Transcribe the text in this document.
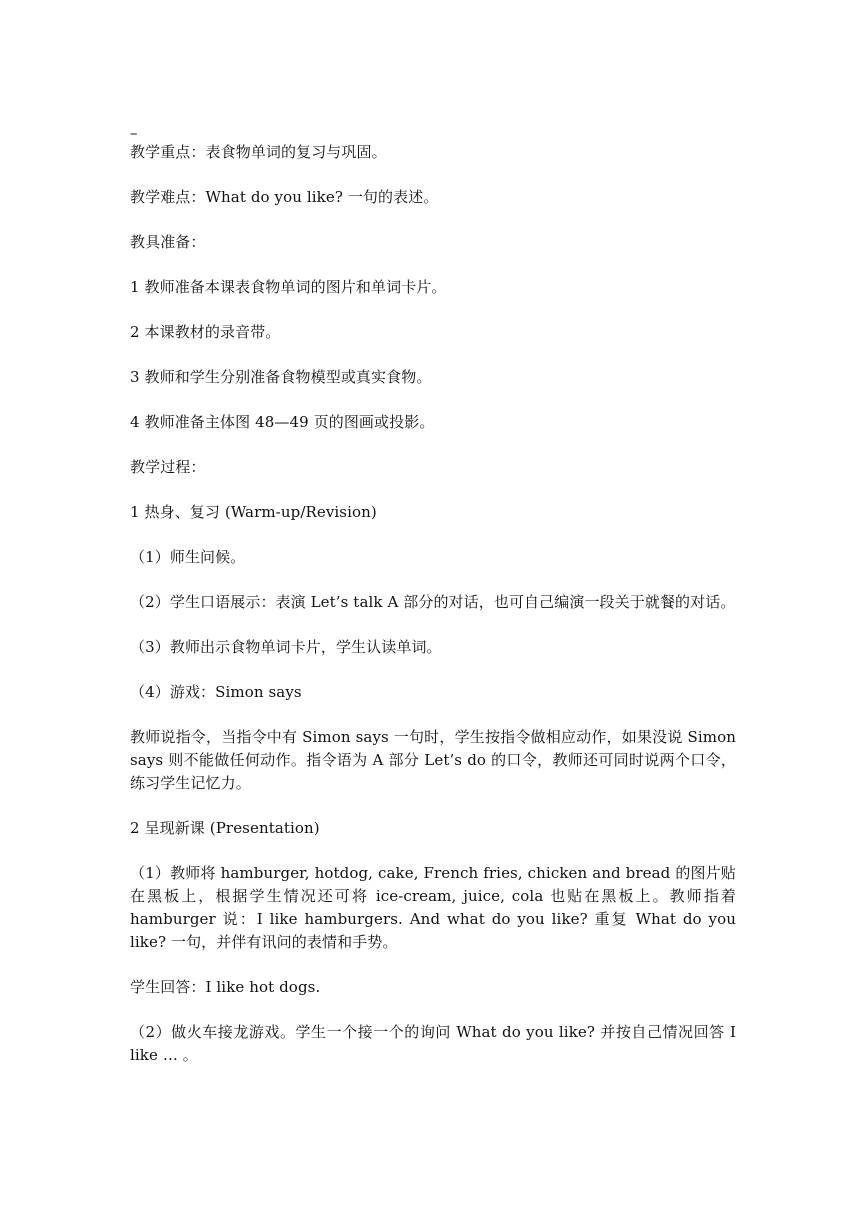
–

教学重点：表食物单词的复习与巩固。

教学难点：What do you like? 一句的表述。

教具准备：

1 教师准备本课表食物单词的图片和单词卡片。

2 本课教材的录音带。

3 教师和学生分别准备食物模型或真实食物。

4 教师准备主体图 48—49 页的图画或投影。

教学过程：

1 热身、复习 (Warm-up/Revision)

（1）师生问候。

（2）学生口语展示：表演 Let’s talk A 部分的对话，也可自己编演一段关于就餐的对话。

（3）教师出示食物单词卡片，学生认读单词。

（4）游戏：Simon says

教师说指令，当指令中有 Simon says 一句时，学生按指令做相应动作，如果没说 Simon says 则不能做任何动作。指令语为 A 部分 Let’s do 的口令，教师还可同时说两个口令，练习学生记忆力。

2 呈现新课 (Presentation)

（1）教师将 hamburger, hotdog, cake, French fries, chicken and bread 的图片贴在黑板上，根据学生情况还可将 ice-cream, juice, cola 也贴在黑板上。教师指着 hamburger 说：I like hamburgers. And what do you like? 重复 What do you like? 一句，并伴有讯问的表情和手势。

学生回答：I like hot dogs.

（2）做火车接龙游戏。学生一个接一个的询问 What do you like? 并按自己情况回答 I like … 。
